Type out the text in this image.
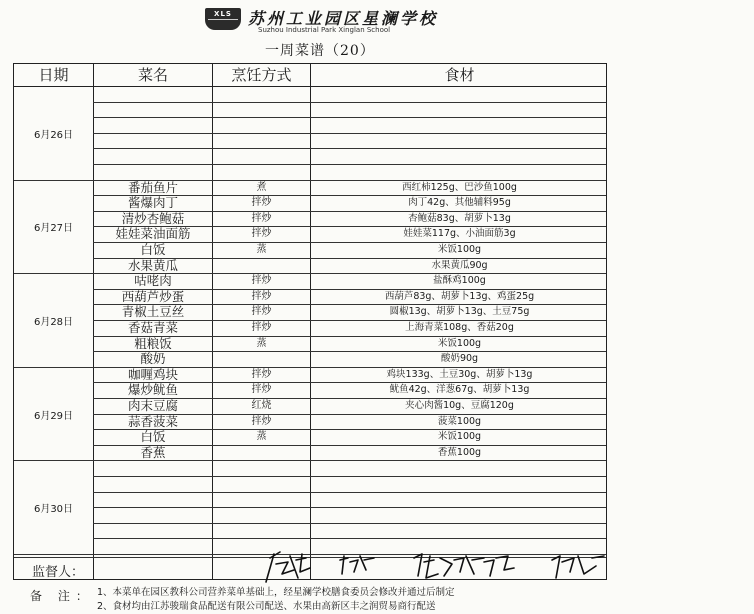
XLS	苏州工业园区星澜学校
Suzhou Industrial Park Xinglan School
一周菜谱（20）
日期	菜名	烹饪方式	食材
监督人：
6月26日
6月27日
番茄鱼片	煮	西红柿125g、巴沙鱼100g
酱爆肉丁	拌炒	肉丁42g、其他辅料95g
清炒杏鲍菇	拌炒	杏鲍菇83g、胡萝卜13g
娃娃菜油面筋	拌炒	娃娃菜117g、小油面筋3g
白饭	蒸	米饭100g
水果黄瓜	水果黄瓜90g
6月28日
咕咾肉	拌炒	盐酥鸡100g
西葫芦炒蛋	拌炒	西葫芦83g、胡萝卜13g、鸡蛋25g
青椒土豆丝	拌炒	圆椒13g、胡萝卜13g、土豆75g
香菇青菜	拌炒	上海青菜108g、香菇20g
粗粮饭	蒸	米饭100g
酸奶	酸奶90g
6月29日
咖喱鸡块	拌炒	鸡块133g、土豆30g、胡萝卜13g
爆炒鱿鱼	拌炒	鱿鱼42g、洋葱67g、胡萝卜13g
肉末豆腐	红烧	夹心肉酱10g、豆腐120g
蒜香菠菜	拌炒	菠菜100g
白饭	蒸	米饭100g
香蕉	香蕉100g
6月30日
备 注： 1、本菜单在园区教科公司营养菜单基础上，经星澜学校膳食委员会修改并通过后制定
2、食材均由江苏骏瑞食品配送有限公司配送、水果由高新区丰之润贸易商行配送
